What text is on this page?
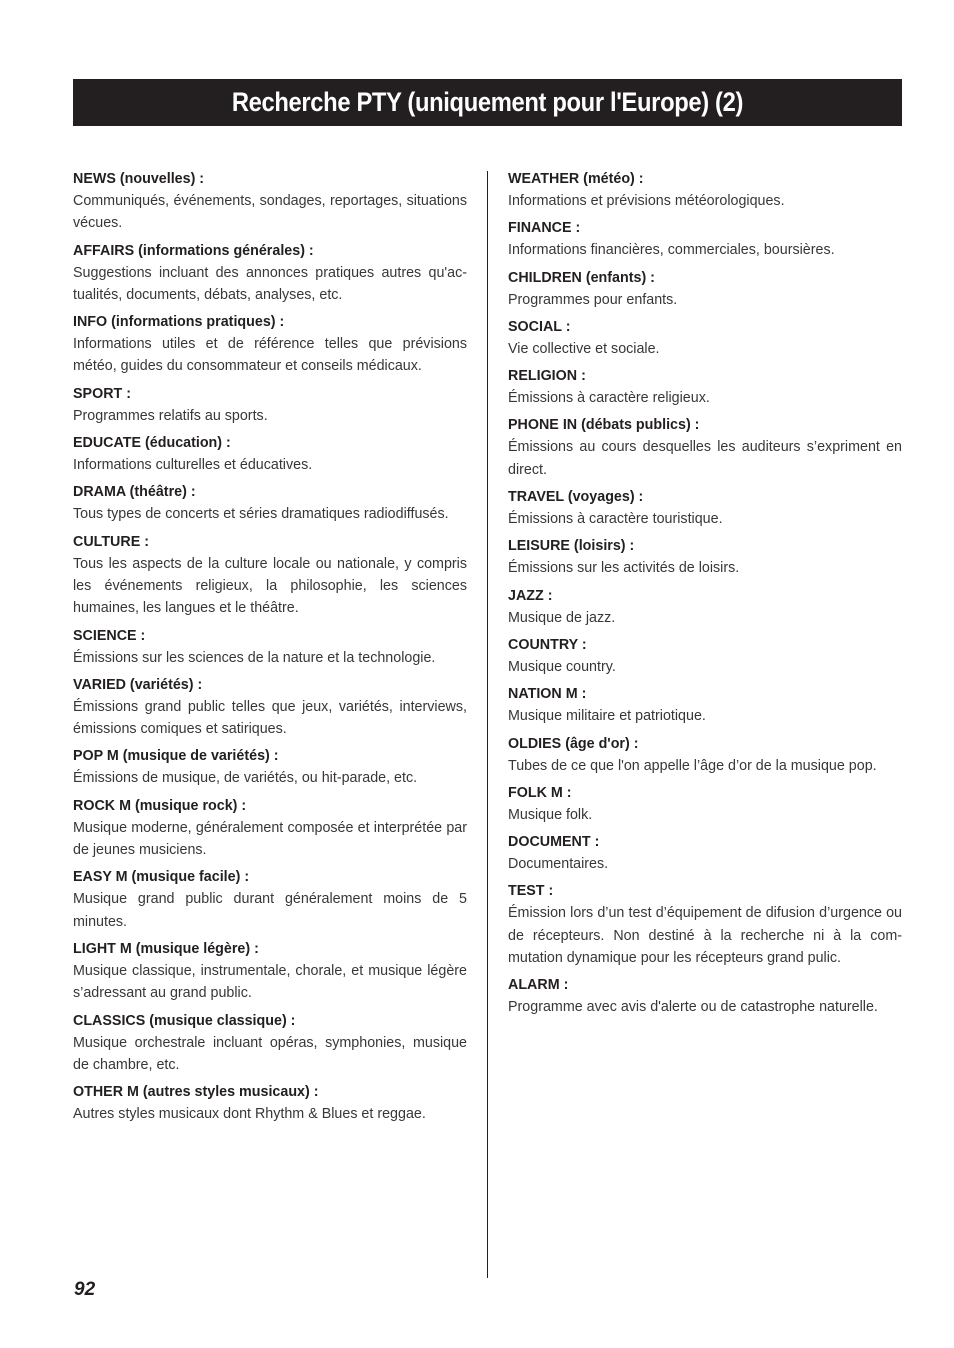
Recherche PTY (uniquement pour l'Europe) (2)
NEWS (nouvelles) :
Communiqués, événements, sondages, reportages, situations vécues.
AFFAIRS (informations générales) :
Suggestions incluant des annonces pratiques autres qu'actualités, documents, débats, analyses, etc.
INFO (informations pratiques) :
Informations utiles et de référence telles que prévisions météo, guides du consommateur et conseils médicaux.
SPORT :
Programmes relatifs au sports.
EDUCATE (éducation) :
Informations culturelles et éducatives.
DRAMA (théâtre) :
Tous types de concerts et séries dramatiques radiodiffusés.
CULTURE :
Tous les aspects de la culture locale ou nationale, y compris les événements religieux, la philosophie, les sciences humaines, les langues et le théâtre.
SCIENCE :
Émissions sur les sciences de la nature et la technologie.
VARIED (variétés) :
Émissions grand public telles que jeux, variétés, interviews, émissions comiques et satiriques.
POP M (musique de variétés) :
Émissions de musique, de variétés, ou hit-parade, etc.
ROCK M (musique rock) :
Musique moderne, généralement composée et interprétée par de jeunes musiciens.
EASY M (musique facile) :
Musique grand public durant généralement moins de 5 minutes.
LIGHT M (musique légère) :
Musique classique, instrumentale, chorale, et musique légère s’adressant au grand public.
CLASSICS (musique classique) :
Musique orchestrale incluant opéras, symphonies, musique de chambre, etc.
OTHER M (autres styles musicaux) :
Autres styles musicaux dont Rhythm & Blues et reggae.
WEATHER (météo) :
Informations et prévisions météorologiques.
FINANCE :
Informations financières, commerciales, boursières.
CHILDREN (enfants) :
Programmes pour enfants.
SOCIAL :
Vie collective et sociale.
RELIGION :
Émissions à caractère religieux.
PHONE IN (débats publics) :
Émissions au cours desquelles les auditeurs s’expriment en direct.
TRAVEL (voyages) :
Émissions à caractère touristique.
LEISURE (loisirs) :
Émissions sur les activités de loisirs.
JAZZ :
Musique de jazz.
COUNTRY :
Musique country.
NATION M :
Musique militaire et patriotique.
OLDIES (âge d'or) :
Tubes de ce que l'on appelle l’âge d’or de la musique pop.
FOLK M :
Musique folk.
DOCUMENT :
Documentaires.
TEST :
Émission lors d’un test d’équipement de difusion d’urgence ou de récepteurs. Non destiné à la recherche ni à la commutation dynamique pour les récepteurs grand pulic.
ALARM :
Programme avec avis d'alerte ou de catastrophe naturelle.
92
